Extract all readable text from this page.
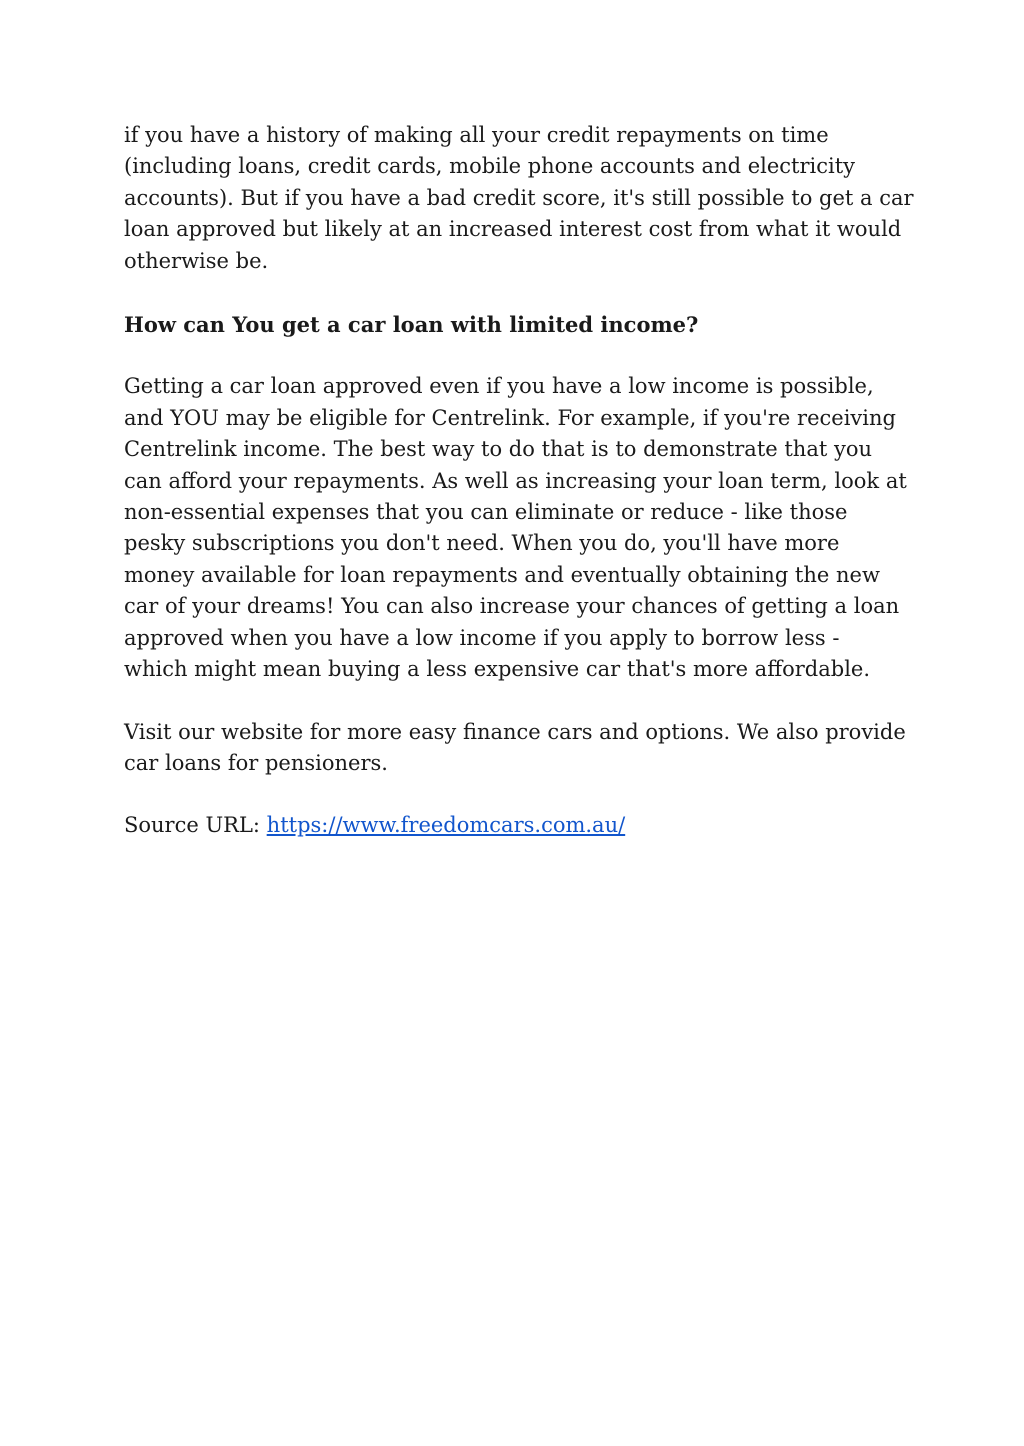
if you have a history of making all your credit repayments on time
(including loans, credit cards, mobile phone accounts and electricity
accounts). But if you have a bad credit score, it's still possible to get a car
loan approved but likely at an increased interest cost from what it would
otherwise be.

How can You get a car loan with limited income?

Getting a car loan approved even if you have a low income is possible,
and YOU may be eligible for Centrelink. For example, if you're receiving
Centrelink income. The best way to do that is to demonstrate that you
can afford your repayments. As well as increasing your loan term, look at
non-essential expenses that you can eliminate or reduce - like those
pesky subscriptions you don't need. When you do, you'll have more
money available for loan repayments and eventually obtaining the new
car of your dreams! You can also increase your chances of getting a loan
approved when you have a low income if you apply to borrow less -
which might mean buying a less expensive car that's more affordable.

Visit our website for more easy finance cars and options. We also provide
car loans for pensioners.

Source URL: https://www.freedomcars.com.au/
